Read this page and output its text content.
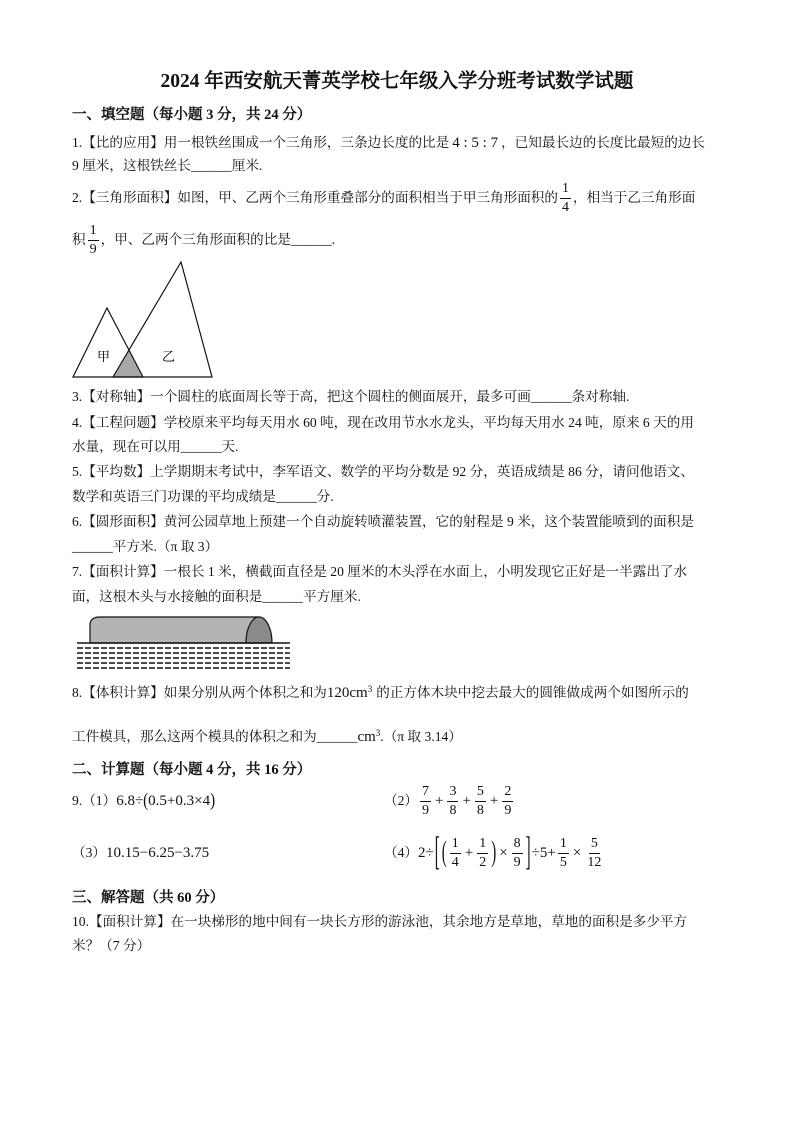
2024 年西安航天菁英学校七年级入学分班考试数学试题
一、填空题（每小题 3 分，共 24 分）
1.【比的应用】用一根铁丝围成一个三角形，三条边长度的比是 4 : 5 : 7 ，已知最长边的长度比最短的边长
9 厘米，这根铁丝长______厘米.
2.【三角形面积】如图，甲、乙两个三角形重叠部分的面积相当于甲三角形面积的 $\frac{1}{4}$ ，相当于乙三角形面
积 $\frac{1}{9}$ ，甲、乙两个三角形面积的比是______.
甲	乙
3.【对称轴】一个圆柱的底面周长等于高，把这个圆柱的侧面展开，最多可画______条对称轴.
4.【工程问题】学校原来平均每天用水 60 吨，现在改用节水水龙头，平均每天用水 24 吨，原来 6 天的用
水量，现在可以用______天.
5.【平均数】上学期期末考试中，李军语文、数学的平均分数是 92 分，英语成绩是 86 分，请问他语文、
数学和英语三门功课的平均成绩是______分.
6.【圆形面积】黄河公园草地上预建一个自动旋转喷灌装置，它的射程是 9 米，这个装置能喷到的面积是
______平方米.（π 取 3）
7.【面积计算】一根长 1 米，横截面直径是 20 厘米的木头浮在水面上，小明发现它正好是一半露出了水
面，这根木头与水接触的面积是______平方厘米.
8.【体积计算】如果分别从两个体积之和为 $120cm^3$ 的正方体木块中挖去最大的圆锥做成两个如图所示的
工件模具，那么这两个模具的体积之和为______ $cm^3$ .（π 取 3.14）
二、计算题（每小题 4 分，共 16 分）
9. （1） 6.8÷ ( 0.5+0.3×4 )	$(2) \frac{7}{9} + \frac{3}{8} + \frac{5}{8} + \frac{2}{9}$
（3） 10.15−6.25−3.75	（4） 2÷ [ ( $\frac{1}{4} + \frac{1}{2}$ ) × $\frac{8}{9}$ ] $\div 5+ \frac{1}{5} \times \frac{5}{12}$
三、解答题（共 60 分）
10.【面积计算】在一块梯形的地中间有一块长方形的游泳池，其余地方是草地，草地的面积是多少平方
米？（7 分）
